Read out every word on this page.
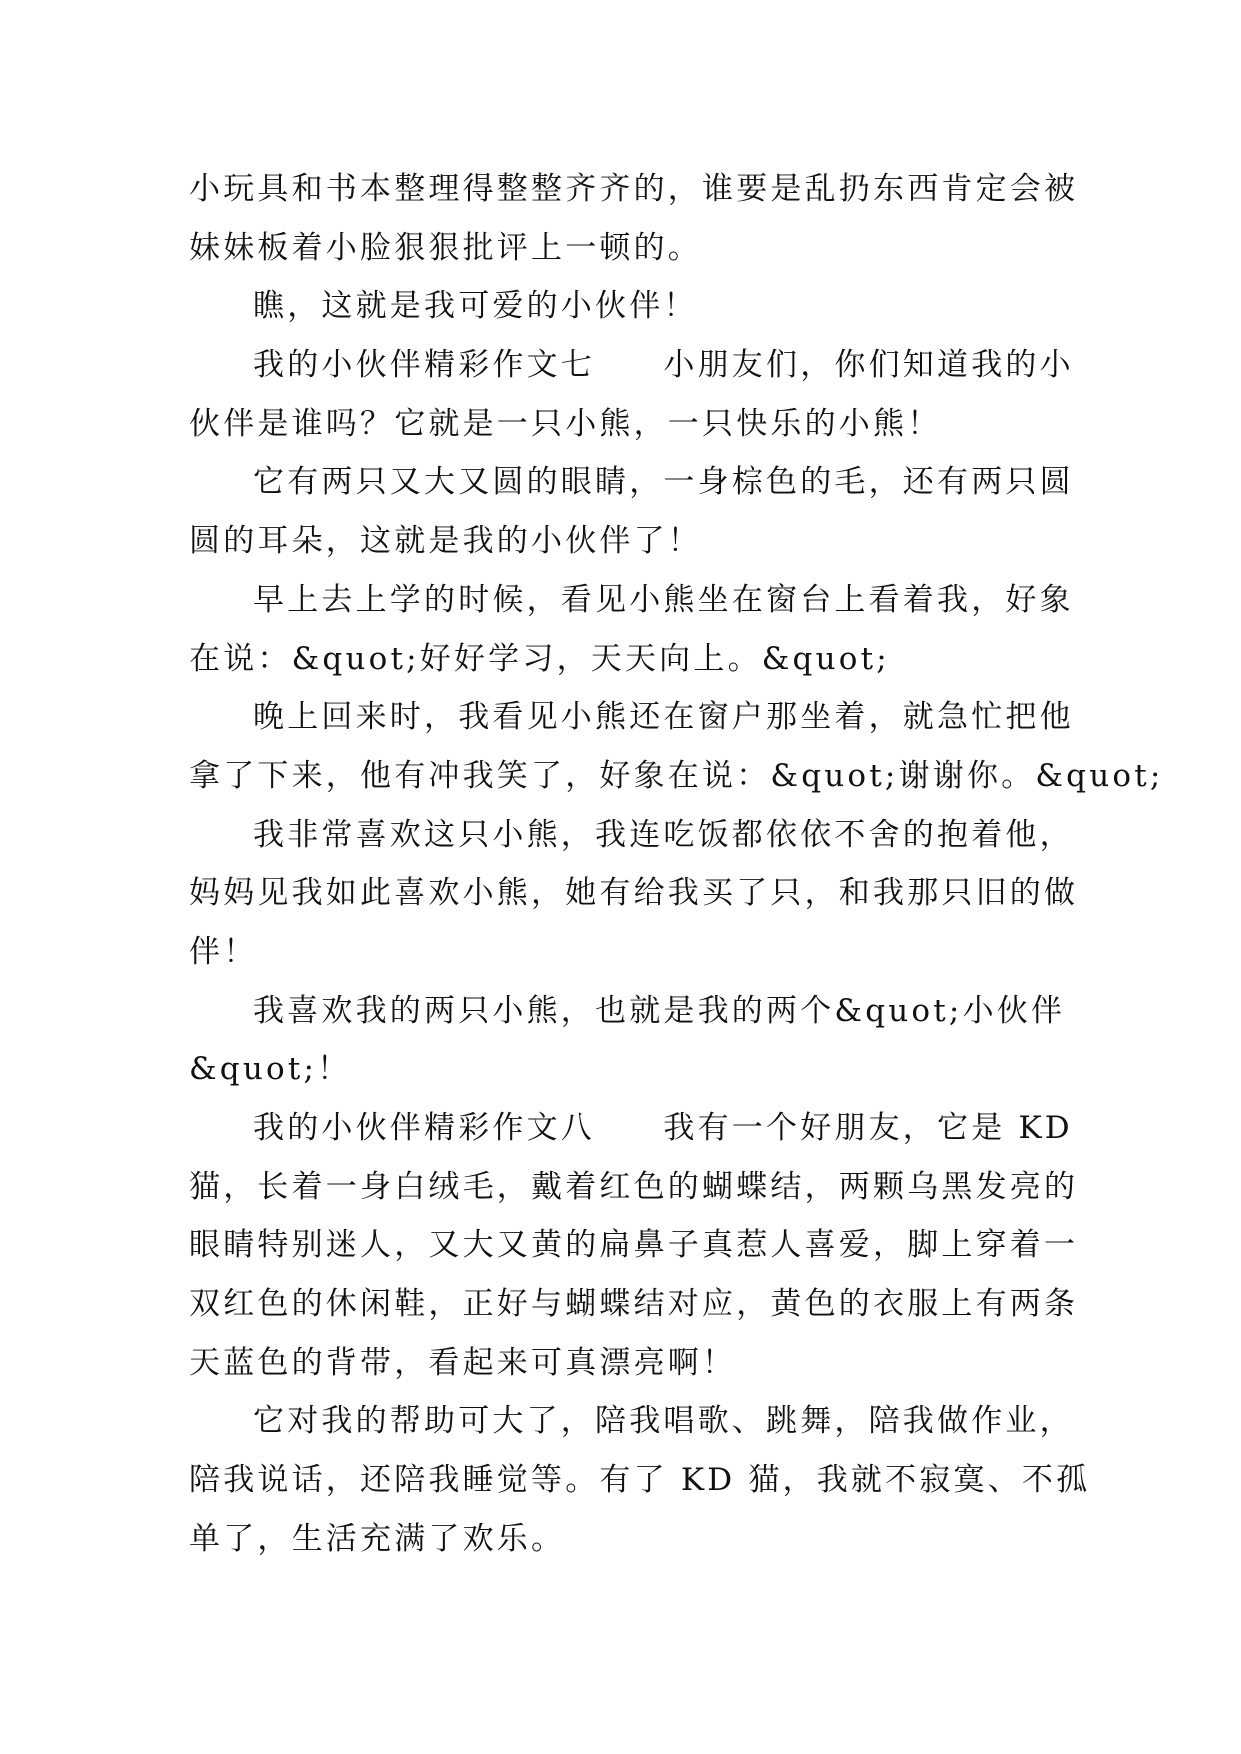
小玩具和书本整理得整整齐齐的，谁要是乱扔东西肯定会被
妹妹板着小脸狠狠批评上一顿的。
瞧，这就是我可爱的小伙伴！
我的小伙伴精彩作文七　　小朋友们，你们知道我的小
伙伴是谁吗？它就是一只小熊，一只快乐的小熊！
它有两只又大又圆的眼睛，一身棕色的毛，还有两只圆
圆的耳朵，这就是我的小伙伴了！
早上去上学的时候，看见小熊坐在窗台上看着我，好象
在说：&quot;好好学习，天天向上。&quot;
晚上回来时，我看见小熊还在窗户那坐着，就急忙把他
拿了下来，他有冲我笑了，好象在说：&quot;谢谢你。&quot;
我非常喜欢这只小熊，我连吃饭都依依不舍的抱着他，
妈妈见我如此喜欢小熊，她有给我买了只，和我那只旧的做
伴！
我喜欢我的两只小熊，也就是我的两个&quot;小伙伴
&quot;！
我的小伙伴精彩作文八　　我有一个好朋友，它是 KD
猫，长着一身白绒毛，戴着红色的蝴蝶结，两颗乌黑发亮的
眼睛特别迷人，又大又黄的扁鼻子真惹人喜爱，脚上穿着一
双红色的休闲鞋，正好与蝴蝶结对应，黄色的衣服上有两条
天蓝色的背带，看起来可真漂亮啊！
它对我的帮助可大了，陪我唱歌、跳舞，陪我做作业，
陪我说话，还陪我睡觉等。有了 KD 猫，我就不寂寞、不孤
单了，生活充满了欢乐。
